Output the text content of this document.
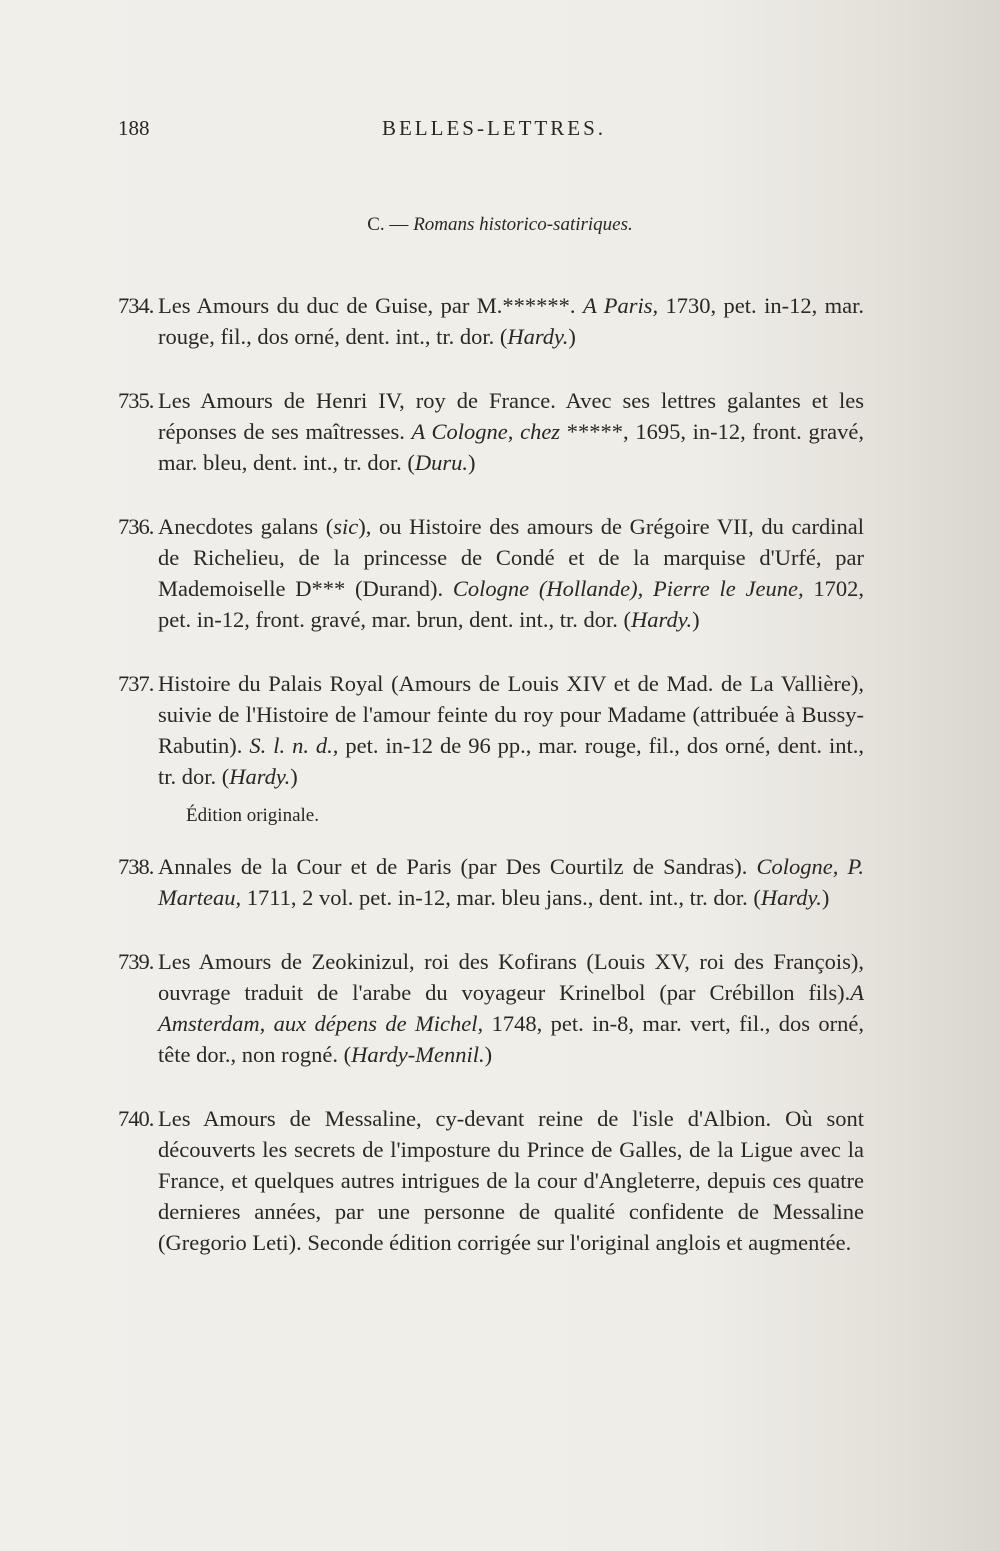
188	BELLES-LETTRES.
C. — Romans historico-satiriques.

734. Les Amours du duc de Guise, par M.******. A Paris, 1730, pet. in-12, mar. rouge, fil., dos orné, dent. int., tr. dor. (Hardy.)

735. Les Amours de Henri IV, roy de France. Avec ses lettres galantes et les réponses de ses maîtresses. A Cologne, chez *****, 1695, in-12, front. gravé, mar. bleu, dent. int., tr. dor. (Duru.)

736. Anecdotes galans (sic), ou Histoire des amours de Grégoire VII, du cardinal de Richelieu, de la princesse de Condé et de la marquise d'Urfé, par Mademoiselle D*** (Durand). Cologne (Hollande), Pierre le Jeune, 1702, pet. in-12, front. gravé, mar. brun, dent. int., tr. dor. (Hardy.)

737. Histoire du Palais Royal (Amours de Louis XIV et de Mad. de La Vallière), suivie de l'Histoire de l'amour feinte du roy pour Madame (attribuée à Bussy-Rabutin). S. l. n. d., pet. in-12 de 96 pp., mar. rouge, fil., dos orné, dent. int., tr. dor. (Hardy.)
Édition originale.

738. Annales de la Cour et de Paris (par Des Courtilz de Sandras). Cologne, P. Marteau, 1711, 2 vol. pet. in-12, mar. bleu jans., dent. int., tr. dor. (Hardy.)

739. Les Amours de Zeokinizul, roi des Kofirans (Louis XV, roi des François), ouvrage traduit de l'arabe du voyageur Krinelbol (par Crébillon fils).A Amsterdam, aux dépens de Michel, 1748, pet. in-8, mar. vert, fil., dos orné, tête dor., non rogné. (Hardy-Mennil.)

740. Les Amours de Messaline, cy-devant reine de l'isle d'Albion. Où sont découverts les secrets de l'imposture du Prince de Galles, de la Ligue avec la France, et quelques autres intrigues de la cour d'Angleterre, depuis ces quatre dernieres années, par une personne de qualité confidente de Messaline (Gregorio Leti). Seconde édition corrigée sur l'original anglois et augmentée.
